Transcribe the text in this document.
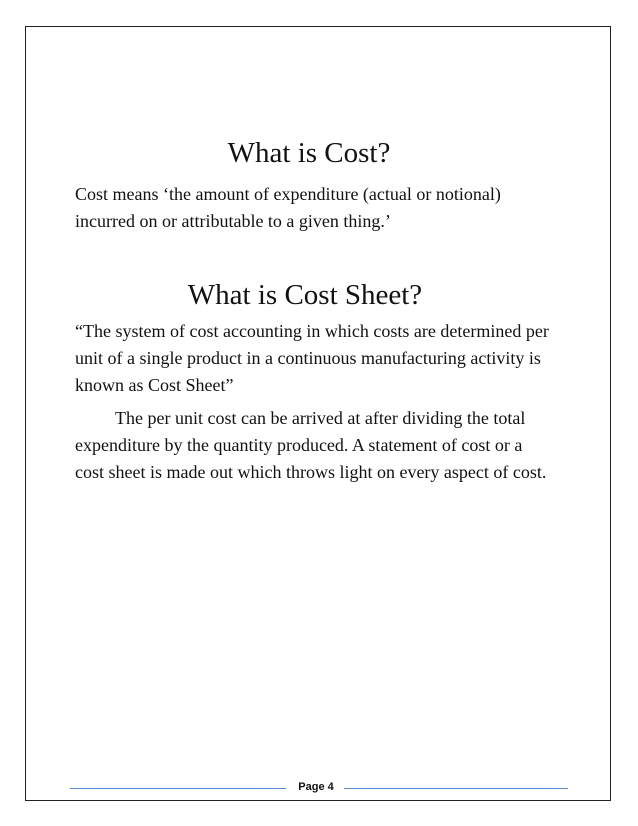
What is Cost?

Cost means ‘the amount of expenditure (actual or notional) incurred on or attributable to a given thing.’

What is Cost Sheet?

“The system of cost accounting in which costs are determined per unit of a single product in a continuous manufacturing activity is known as Cost Sheet”

The per unit cost can be arrived at after dividing the total expenditure by the quantity produced. A statement of cost or a cost sheet is made out which throws light on every aspect of cost.

Page 4
